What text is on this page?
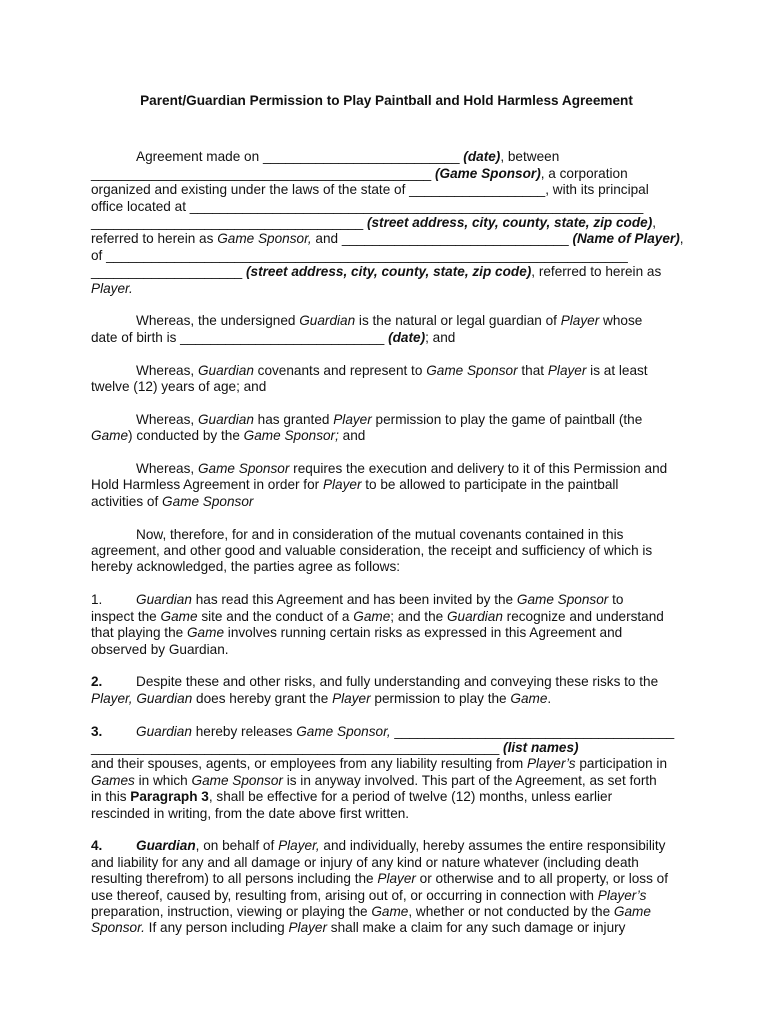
Parent/Guardian Permission to Play Paintball and Hold Harmless Agreement

Agreement made on __________________________ (date), between
_____________________________________________ (Game Sponsor), a corporation
organized and existing under the laws of the state of __________________, with its principal
office located at ____________________________________________________________
____________________________________ (street address, city, county, state, zip code),
referred to herein as Game Sponsor, and ______________________________ (Name of Player),
of _____________________________________________________________________
____________________ (street address, city, county, state, zip code), referred to herein as
Player.

Whereas, the undersigned Guardian is the natural or legal guardian of Player whose
date of birth is ___________________________ (date); and

Whereas, Guardian covenants and represent to Game Sponsor that Player is at least
twelve (12) years of age; and

Whereas, Guardian has granted Player permission to play the game of paintball (the
Game) conducted by the Game Sponsor; and

Whereas, Game Sponsor requires the execution and delivery to it of this Permission and
Hold Harmless Agreement in order for Player to be allowed to participate in the paintball
activities of Game Sponsor

Now, therefore, for and in consideration of the mutual covenants contained in this
agreement, and other good and valuable consideration, the receipt and sufficiency of which is
hereby acknowledged, the parties agree as follows:

1. Guardian has read this Agreement and has been invited by the Game Sponsor to
inspect the Game site and the conduct of a Game; and the Guardian recognize and understand
that playing the Game involves running certain risks as expressed in this Agreement and
observed by Guardian.

2. Despite these and other risks, and fully understanding and conveying these risks to the
Player, Guardian does hereby grant the Player permission to play the Game.

3. Guardian hereby releases Game Sponsor, _____________________________________
______________________________________________________ (list names)
and their spouses, agents, or employees from any liability resulting from Player’s participation in
Games in which Game Sponsor is in anyway involved. This part of the Agreement, as set forth
in this Paragraph 3, shall be effective for a period of twelve (12) months, unless earlier
rescinded in writing, from the date above first written.

4. Guardian, on behalf of Player, and individually, hereby assumes the entire responsibility
and liability for any and all damage or injury of any kind or nature whatever (including death
resulting therefrom) to all persons including the Player or otherwise and to all property, or loss of
use thereof, caused by, resulting from, arising out of, or occurring in connection with Player’s
preparation, instruction, viewing or playing the Game, whether or not conducted by the Game
Sponsor. If any person including Player shall make a claim for any such damage or injury
